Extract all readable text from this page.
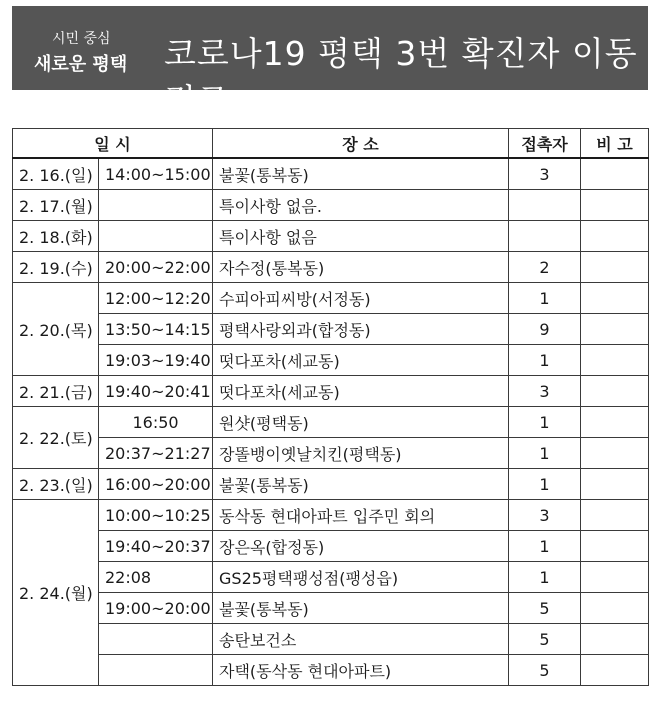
시민 중심
새로운 평택 코로나19 평택 3번 확진자 이동 경로
일 시		장 소	접촉자	비 고
2. 16.(일)	14:00~15:00	불꽃(통복동)	3	
2. 17.(월)		특이사항 없음.		
2. 18.(화)		특이사항 없음		
2. 19.(수)	20:00~22:00	자수정(통복동)	2	
2. 20.(목)	12:00~12:20	수피아피씨방(서정동)	1	
	13:50~14:15	평택사랑외과(합정동)	9	
	19:03~19:40	떳다포차(세교동)	1	
2. 21.(금)	19:40~20:41	떳다포차(세교동)	3	
2. 22.(토)	16:50	원샷(평택동)	1	
	20:37~21:27	장똘뱅이옛날치킨(평택동)	1	
2. 23.(일)	16:00~20:00	불꽃(통복동)	1	
2. 24.(월)	10:00~10:25	동삭동 현대아파트 입주민 회의	3	
	19:40~20:37	장은옥(합정동)	1	
	22:08	GS25평택팽성점(팽성읍)	1	
	19:00~20:00	불꽃(통복동)	5	
		송탄보건소	5	
		자택(동삭동 현대아파트)	5	
